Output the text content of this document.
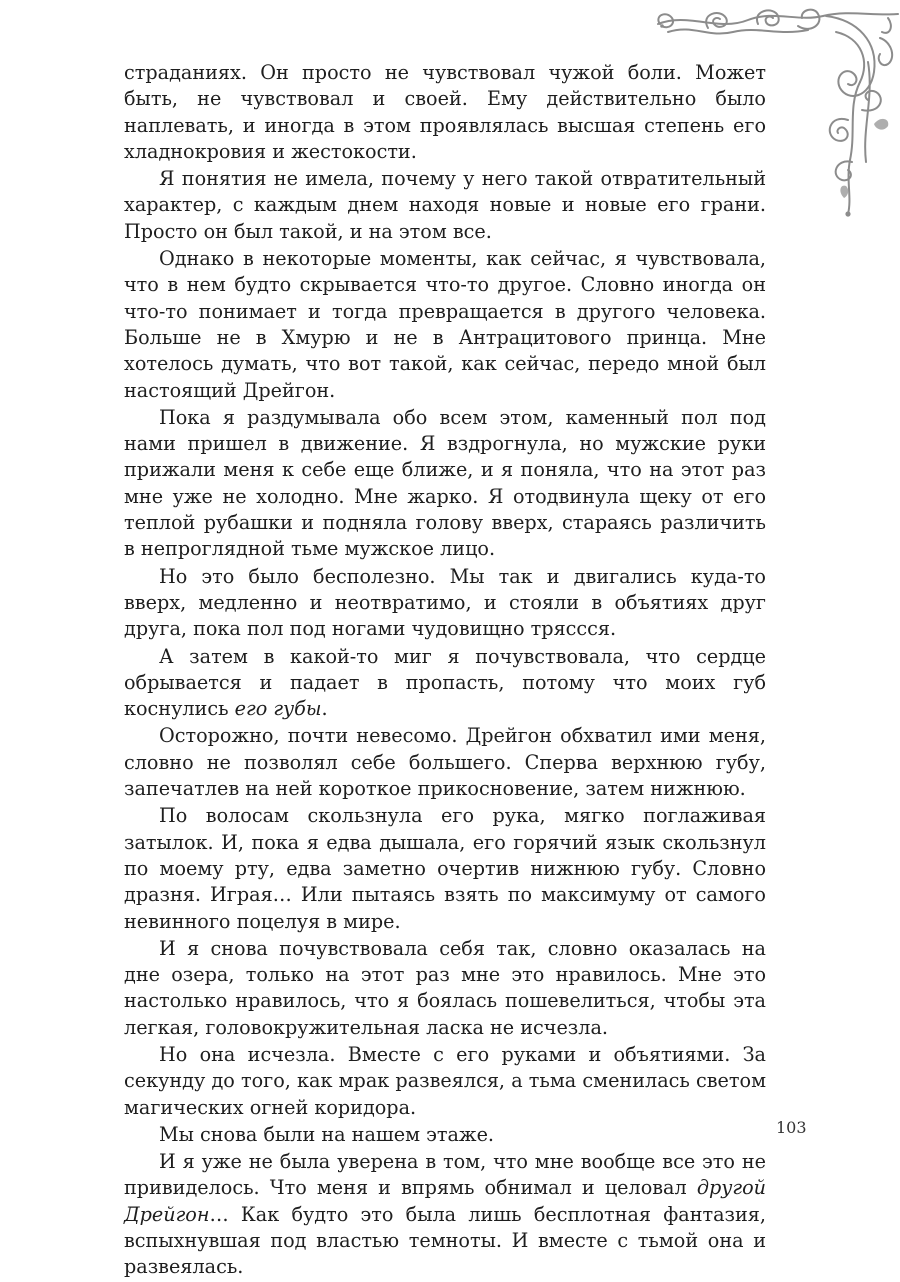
страданиях. Он просто не чувствовал чужой боли. Может быть, не чувствовал и своей. Ему действительно было наплевать, и иногда в этом проявлялась высшая степень его хладнокровия и жестокости.

Я понятия не имела, почему у него такой отвратительный характер, с каждым днем находя новые и новые его грани. Просто он был такой, и на этом все.

Однако в некоторые моменты, как сейчас, я чувствовала, что в нем будто скрывается что-то другое. Словно иногда он что-то понимает и тогда превращается в другого человека. Больше не в Хмурю и не в Антрацитового принца. Мне хотелось думать, что вот такой, как сейчас, передо мной был настоящий Дрейгон.

Пока я раздумывала обо всем этом, каменный пол под нами пришел в движение. Я вздрогнула, но мужские руки прижали меня к себе еще ближе, и я поняла, что на этот раз мне уже не холодно. Мне жарко. Я отодвинула щеку от его теплой рубашки и подняла голову вверх, стараясь различить в непроглядной тьме мужское лицо.

Но это было бесполезно. Мы так и двигались куда-то вверх, медленно и неотвратимо, и стояли в объятиях друг друга, пока пол под ногами чудовищно тряссся.

А затем в какой-то миг я почувствовала, что сердце обрывается и падает в пропасть, потому что моих губ коснулись его губы.

Осторожно, почти невесомо. Дрейгон обхватил ими меня, словно не позволял себе большего. Сперва верхнюю губу, запечатлев на ней короткое прикосновение, затем нижнюю.

По волосам скользнула его рука, мягко поглаживая затылок. И, пока я едва дышала, его горячий язык скользнул по моему рту, едва заметно очертив нижнюю губу. Словно дразня. Играя… Или пытаясь взять по максимуму от самого невинного поцелуя в мире.

И я снова почувствовала себя так, словно оказалась на дне озера, только на этот раз мне это нравилось. Мне это настолько нравилось, что я боялась пошевелиться, чтобы эта легкая, головокружительная ласка не исчезла.

Но она исчезла. Вместе с его руками и объятиями. За секунду до того, как мрак развеялся, а тьма сменилась светом магических огней коридора.

Мы снова были на нашем этаже.

И я уже не была уверена в том, что мне вообще все это не привиделось. Что меня и впрямь обнимал и целовал другой Дрейгон… Как будто это была лишь бесплотная фантазия, вспыхнувшая под властью темноты. И вместе с тьмой она и развеялась.

103
